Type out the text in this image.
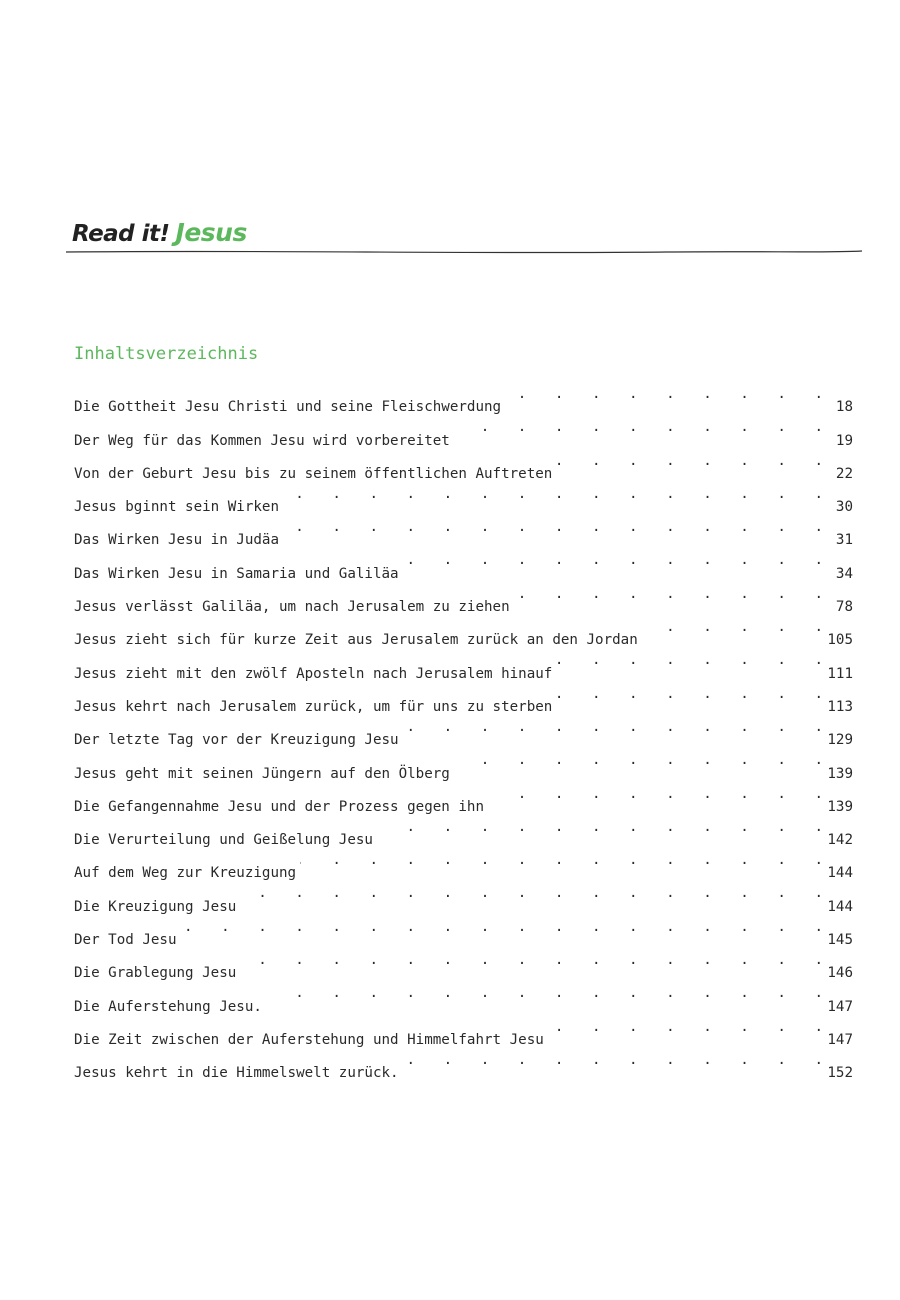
Read it! Jesus
Inhaltsverzeichnis
Die Gottheit Jesu Christi und seine Fleischwerdung . . .	18
Der Weg für das Kommen Jesu wird vorbereitet . . .	19
Von der Geburt Jesu bis zu seinem öffentlichen Auftreten . . .	22
Jesus bginnt sein Wirken . . .	30
Das Wirken Jesu in Judäa . . .	31
Das Wirken Jesu in Samaria und Galiläa . . .	34
Jesus verlässt Galiläa, um nach Jerusalem zu ziehen . . .	78
Jesus zieht sich für kurze Zeit aus Jerusalem zurück an den Jordan . . .	105
Jesus zieht mit den zwölf Aposteln nach Jerusalem hinauf . . .	111
Jesus kehrt nach Jerusalem zurück, um für uns zu sterben . . .	113
Der letzte Tag vor der Kreuzigung Jesu . . .	129
Jesus geht mit seinen Jüngern auf den Ölberg . . .	139
Die Gefangennahme Jesu und der Prozess gegen ihn . . .	139
Die Verurteilung und Geißelung Jesu . . .	142
Auf dem Weg zur Kreuzigung . . .	144
Die Kreuzigung Jesu . . .	144
Der Tod Jesu . . .	145
Die Grablegung Jesu . . .	146
Die Auferstehung Jesu. . . .	147
Die Zeit zwischen der Auferstehung und Himmelfahrt Jesu . . .	147
Jesus kehrt in die Himmelswelt zurück. . . .	152
